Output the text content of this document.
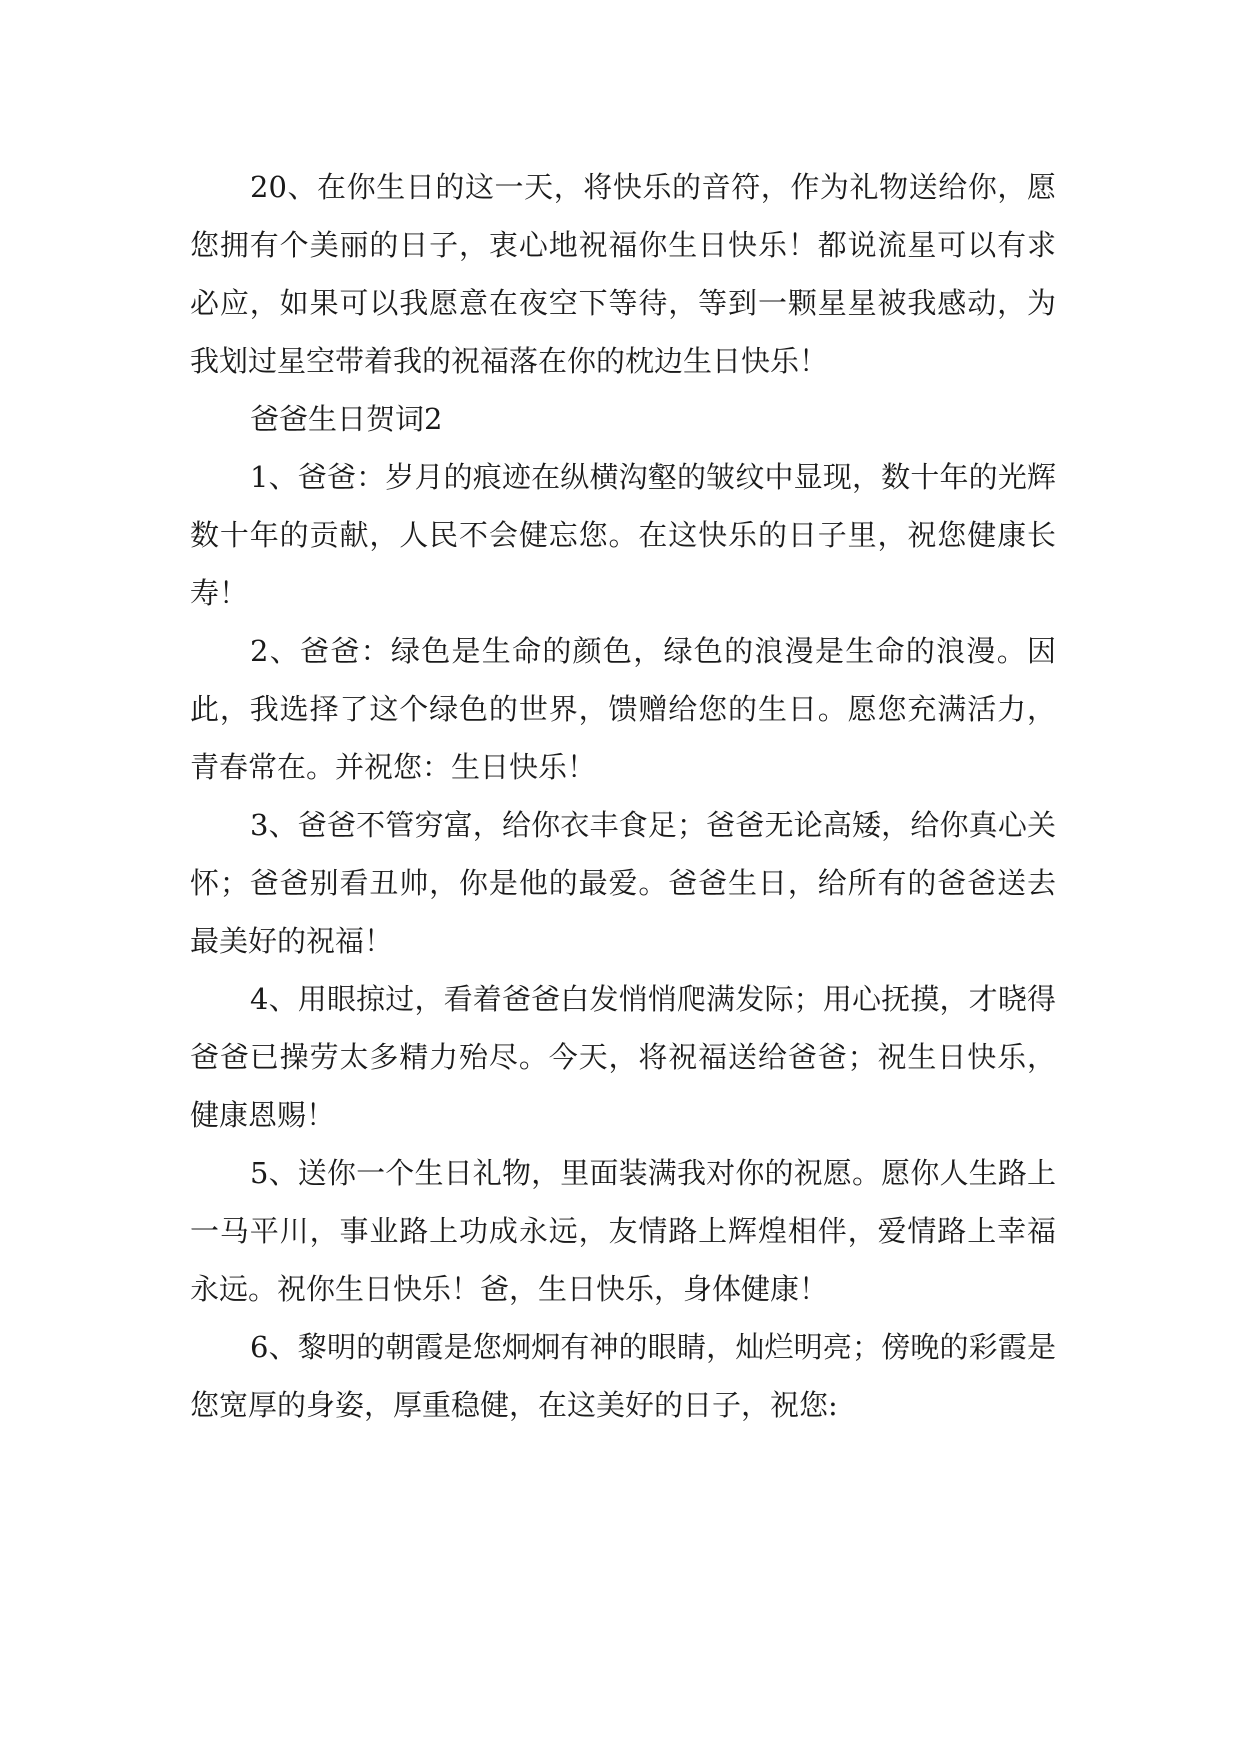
20、在你生日的这一天，将快乐的音符，作为礼物送给你，愿您拥有个美丽的日子，衷心地祝福你生日快乐！都说流星可以有求必应，如果可以我愿意在夜空下等待，等到一颗星星被我感动，为我划过星空带着我的祝福落在你的枕边生日快乐！

爸爸生日贺词2

1、爸爸：岁月的痕迹在纵横沟壑的皱纹中显现，数十年的光辉数十年的贡献，人民不会健忘您。在这快乐的日子里，祝您健康长寿！

2、爸爸：绿色是生命的颜色，绿色的浪漫是生命的浪漫。因此，我选择了这个绿色的世界，馈赠给您的生日。愿您充满活力，青春常在。并祝您：生日快乐！

3、爸爸不管穷富，给你衣丰食足；爸爸无论高矮，给你真心关怀；爸爸别看丑帅，你是他的最爱。爸爸生日，给所有的爸爸送去最美好的祝福！

4、用眼掠过，看着爸爸白发悄悄爬满发际；用心抚摸，才晓得爸爸已操劳太多精力殆尽。今天，将祝福送给爸爸；祝生日快乐，健康恩赐！

5、送你一个生日礼物，里面装满我对你的祝愿。愿你人生路上一马平川，事业路上功成永远，友情路上辉煌相伴，爱情路上幸福永远。祝你生日快乐！爸，生日快乐，身体健康！

6、黎明的朝霞是您炯炯有神的眼睛，灿烂明亮；傍晚的彩霞是您宽厚的身姿，厚重稳健，在这美好的日子，祝您:
